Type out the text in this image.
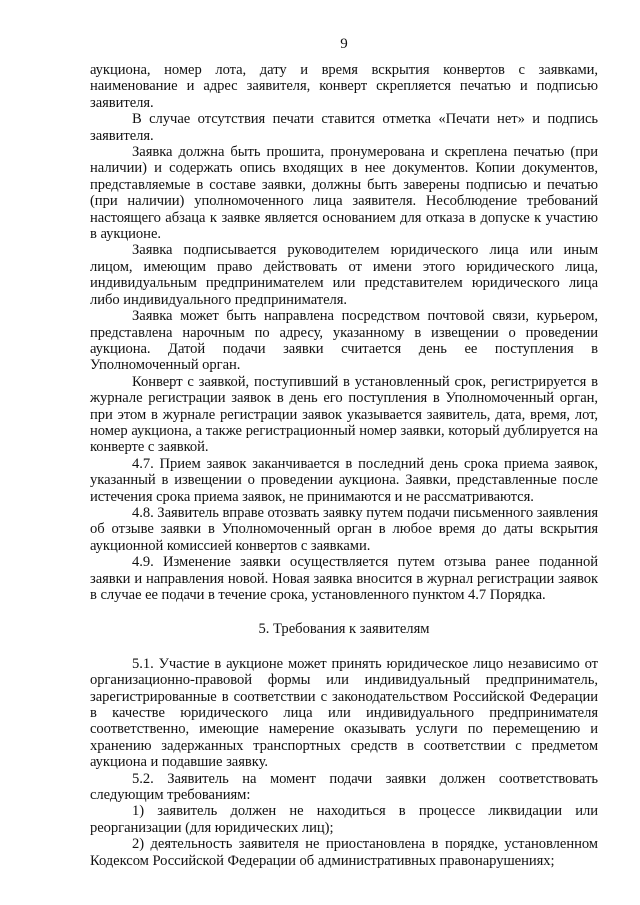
9

аукциона, номер лота, дату и время вскрытия конвертов с заявками, наименование и адрес заявителя, конверт скрепляется печатью и подписью заявителя.

В случае отсутствия печати ставится отметка «Печати нет» и подпись заявителя.

Заявка должна быть прошита, пронумерована и скреплена печатью (при наличии) и содержать опись входящих в нее документов. Копии документов, представляемые в составе заявки, должны быть заверены подписью и печатью (при наличии) уполномоченного лица заявителя. Несоблюдение требований настоящего абзаца к заявке является основанием для отказа в допуске к участию в аукционе.

Заявка подписывается руководителем юридического лица или иным лицом, имеющим право действовать от имени этого юридического лица, индивидуальным предпринимателем или представителем юридического лица либо индивидуального предпринимателя.

Заявка может быть направлена посредством почтовой связи, курьером, представлена нарочным по адресу, указанному в извещении о проведении аукциона. Датой подачи заявки считается день ее поступления в Уполномоченный орган.

Конверт с заявкой, поступивший в установленный срок, регистрируется в журнале регистрации заявок в день его поступления в Уполномоченный орган, при этом в журнале регистрации заявок указывается заявитель, дата, время, лот, номер аукциона, а также регистрационный номер заявки, который дублируется на конверте с заявкой.

4.7. Прием заявок заканчивается в последний день срока приема заявок, указанный в извещении о проведении аукциона. Заявки, представленные после истечения срока приема заявок, не принимаются и не рассматриваются.

4.8. Заявитель вправе отозвать заявку путем подачи письменного заявления об отзыве заявки в Уполномоченный орган в любое время до даты вскрытия аукционной комиссией конвертов с заявками.

4.9. Изменение заявки осуществляется путем отзыва ранее поданной заявки и направления новой. Новая заявка вносится в журнал регистрации заявок в случае ее подачи в течение срока, установленного пунктом 4.7 Порядка.

5. Требования к заявителям

5.1. Участие в аукционе может принять юридическое лицо независимо от организационно-правовой формы или индивидуальный предприниматель, зарегистрированные в соответствии с законодательством Российской Федерации в качестве юридического лица или индивидуального предпринимателя соответственно, имеющие намерение оказывать услуги по перемещению и хранению задержанных транспортных средств в соответствии с предметом аукциона и подавшие заявку.

5.2. Заявитель на момент подачи заявки должен соответствовать следующим требованиям:

1) заявитель должен не находиться в процессе ликвидации или реорганизации (для юридических лиц);

2) деятельность заявителя не приостановлена в порядке, установленном Кодексом Российской Федерации об административных правонарушениях;
